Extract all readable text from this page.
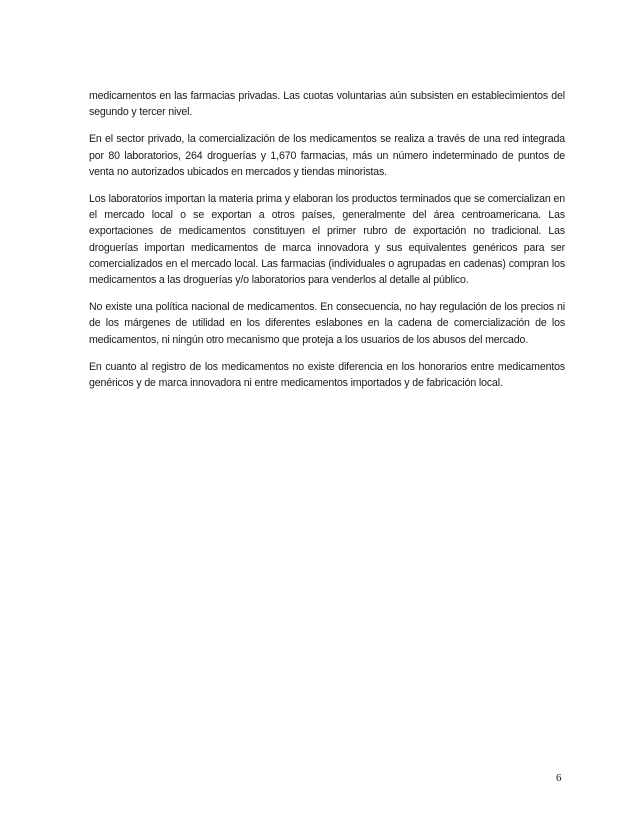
medicamentos en las farmacias privadas. Las cuotas voluntarias aún subsisten en establecimientos del segundo y tercer nivel.

En el sector privado, la comercialización de los medicamentos se realiza a través de una red integrada por 80 laboratorios, 264 droguerías y 1,670 farmacias, más un número indeterminado de puntos de venta no autorizados ubicados en mercados y tiendas minoristas.

Los laboratorios importan la materia prima y elaboran los productos terminados que se comercializan en el mercado local o se exportan a otros países, generalmente del área centroamericana. Las exportaciones de medicamentos constituyen el primer rubro de exportación no tradicional. Las droguerías importan medicamentos de marca innovadora y sus equivalentes genéricos para ser comercializados en el mercado local. Las farmacias (individuales o agrupadas en cadenas) compran los medicamentos a las droguerías y/o laboratorios para venderlos al detalle al público.

No existe una política nacional de medicamentos. En consecuencia, no hay regulación de los precios ni de los márgenes de utilidad en los diferentes eslabones en la cadena de comercialización de los medicamentos, ni ningún otro mecanismo que proteja a los usuarios de los abusos del mercado.

En cuanto al registro de los medicamentos no existe diferencia en los honorarios entre medicamentos genéricos y de marca innovadora ni entre medicamentos importados y de fabricación local.

6
